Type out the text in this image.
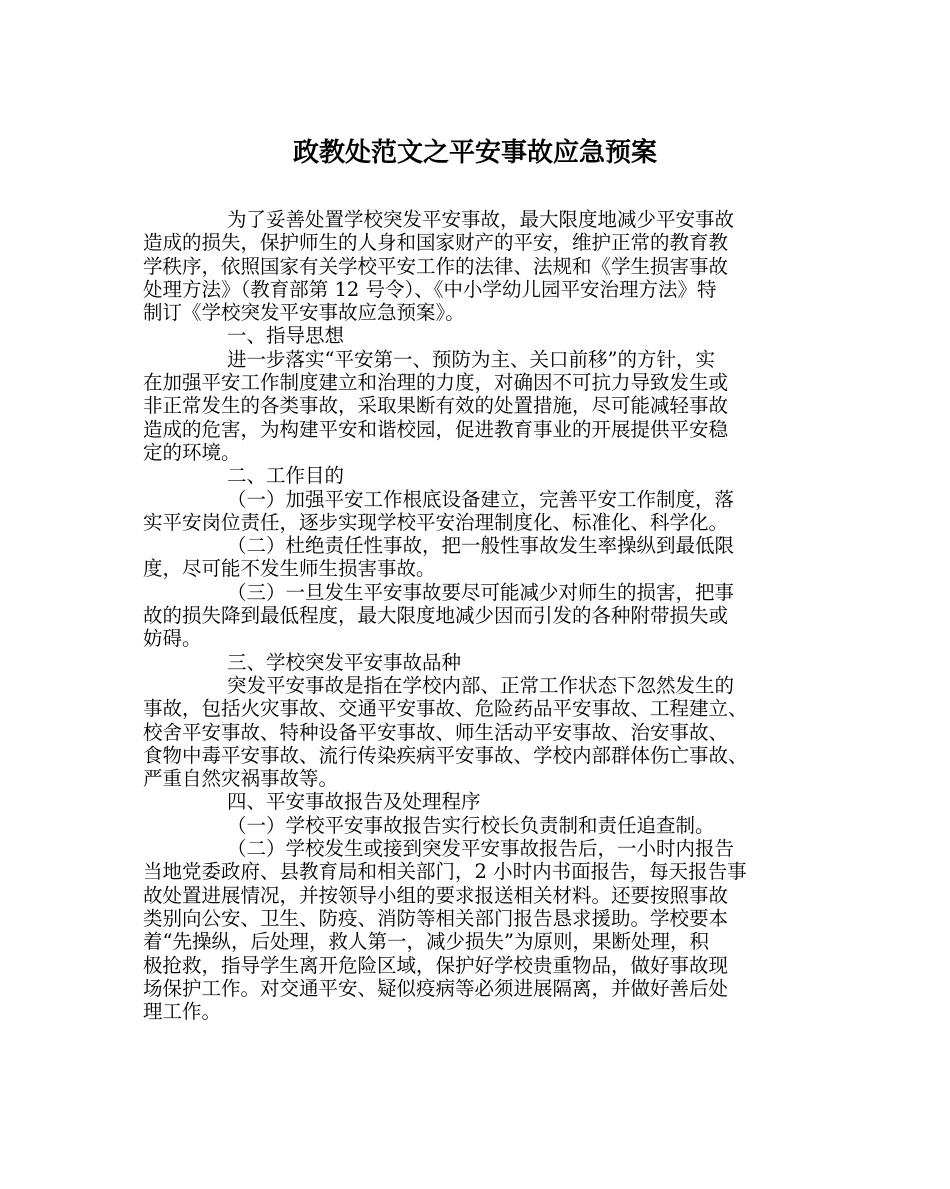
政教处范文之平安事故应急预案
为了妥善处置学校突发平安事故，最大限度地减少平安事故
造成的损失，保护师生的人身和国家财产的平安，维护正常的教育教
学秩序，依照国家有关学校平安工作的法律、法规和《学生损害事故
处理方法》（教育部第 12 号令）、《中小学幼儿园平安治理方法》特
制订《学校突发平安事故应急预案》。
一、指导思想
进一步落实“平安第一、预防为主、关口前移”的方针，实
在加强平安工作制度建立和治理的力度，对确因不可抗力导致发生或
非正常发生的各类事故，采取果断有效的处置措施，尽可能减轻事故
造成的危害，为构建平安和谐校园，促进教育事业的开展提供平安稳
定的环境。
二、工作目的
（一）加强平安工作根底设备建立，完善平安工作制度，落
实平安岗位责任，逐步实现学校平安治理制度化、标准化、科学化。
（二）杜绝责任性事故，把一般性事故发生率操纵到最低限
度，尽可能不发生师生损害事故。
（三）一旦发生平安事故要尽可能减少对师生的损害，把事
故的损失降到最低程度，最大限度地减少因而引发的各种附带损失或
妨碍。
三、学校突发平安事故品种
突发平安事故是指在学校内部、正常工作状态下忽然发生的
事故，包括火灾事故、交通平安事故、危险药品平安事故、工程建立、
校舍平安事故、特种设备平安事故、师生活动平安事故、治安事故、
食物中毒平安事故、流行传染疾病平安事故、学校内部群体伤亡事故、
严重自然灾祸事故等。
四、平安事故报告及处理程序
（一）学校平安事故报告实行校长负责制和责任追查制。
（二）学校发生或接到突发平安事故报告后，一小时内报告
当地党委政府、县教育局和相关部门，2 小时内书面报告，每天报告事
故处置进展情况，并按领导小组的要求报送相关材料。还要按照事故
类别向公安、卫生、防疫、消防等相关部门报告恳求援助。学校要本
着“先操纵，后处理，救人第一，减少损失”为原则，果断处理，积
极抢救，指导学生离开危险区域，保护好学校贵重物品，做好事故现
场保护工作。对交通平安、疑似疫病等必须进展隔离，并做好善后处
理工作。
